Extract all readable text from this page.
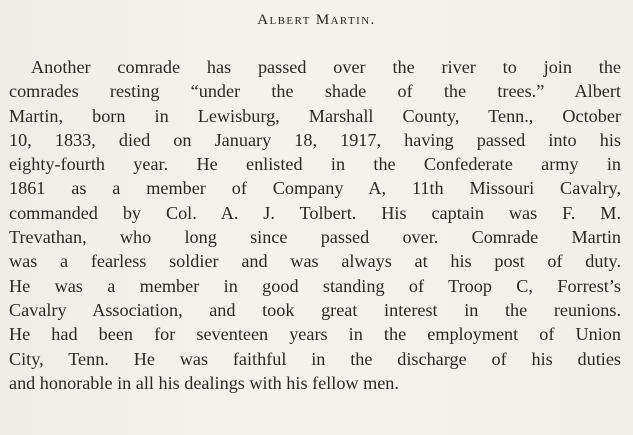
Albert Martin.
Another comrade has passed over the river to join the
comrades resting “under the shade of the trees.” Albert
Martin, born in Lewisburg, Marshall County, Tenn., October
10, 1833, died on January 18, 1917, having passed into his
eighty-fourth year. He enlisted in the Confederate army in
1861 as a member of Company A, 11th Missouri Cavalry,
commanded by Col. A. J. Tolbert. His captain was F. M.
Trevathan, who long since passed over. Comrade Martin
was a fearless soldier and was always at his post of duty.
He was a member in good standing of Troop C, Forrest’s
Cavalry Association, and took great interest in the reunions.
He had been for seventeen years in the employment of Union
City, Tenn. He was faithful in the discharge of his duties
and honorable in all his dealings with his fellow men.
